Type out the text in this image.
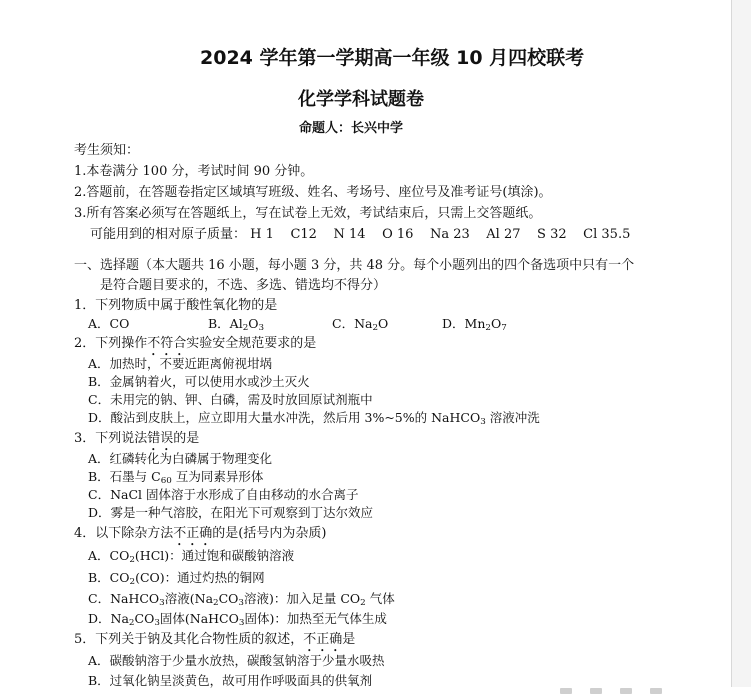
2024 学年第一学期高一年级 10 月四校联考
化学学科试题卷
命题人：长兴中学
考生须知：
1.本卷满分 100 分，考试时间 90 分钟。
2.答题前，在答题卷指定区域填写班级、姓名、考场号、座位号及准考证号(填涂)。
3.所有答案必须写在答题纸上，写在试卷上无效，考试结束后，只需上交答题纸。
可能用到的相对原子质量： H 1 C12 N 14 O 16 Na 23 Al 27 S 32 Cl 35.5
一、选择题（本大题共 16 小题，每小题 3 分，共 48 分。每个小题列出的四个备选项中只有一个
是符合题目要求的，不选、多选、错选均不得分）
1．下列物质中属于酸性氧化物的是
A．CO	B．$Al_2O_3$	C．$Na_2O$	D．$Mn_2O_7$
2．下列操作不符合实验安全规范要求的是
A．加热时，不要近距离俯视坩埚
B．金属钠着火，可以使用水或沙土灭火
C．未用完的钠、钾、白磷，需及时放回原试剂瓶中
D．酸沾到皮肤上，应立即用大量水冲洗，然后用 3%~5%的 NaHCO$_3$ 溶液冲洗
3．下列说法错误的是
A．红磷转化为白磷属于物理变化
B．石墨与 $C_{60}$ 互为同素异形体
C．NaCl 固体溶于水形成了自由移动的水合离子
D．雾是一种气溶胶，在阳光下可观察到丁达尔效应
4．以下除杂方法不正确的是(括号内为杂质)
A．$CO_2(HCl)$：通过饱和碳酸钠溶液
B．$CO_2(CO)$：通过灼热的铜网
C．NaHCO$_3$溶液($Na_2CO_3$溶液)：加入足量 $CO_2$ 气体
D．$Na_2CO_3$固体(NaHCO$_3$固体)：加热至无气体生成
5．下列关于钠及其化合物性质的叙述，不正确是
A．碳酸钠溶于少量水放热，碳酸氢钠溶于少量水吸热
B．过氧化钠呈淡黄色，故可用作呼吸面具的供氧剂
